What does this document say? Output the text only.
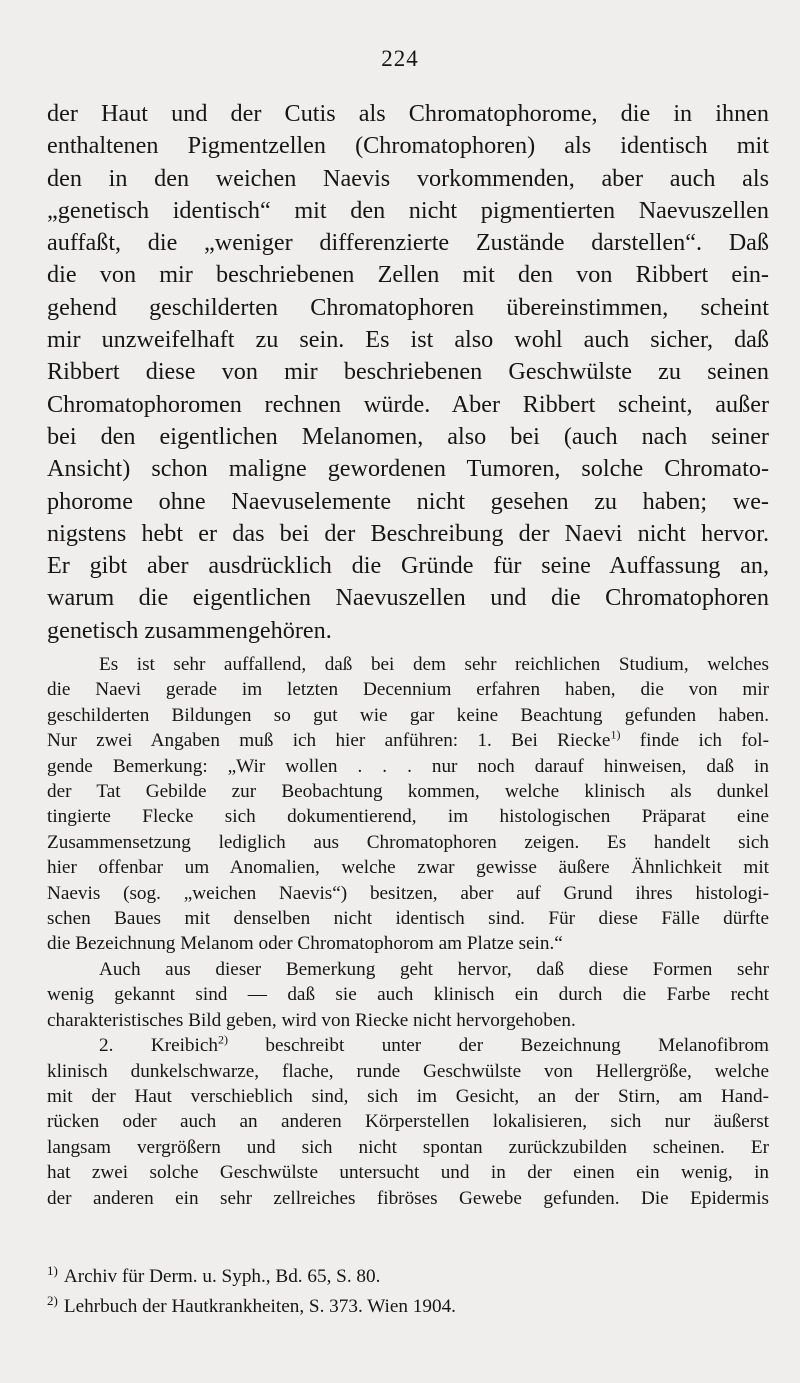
224
der Haut und der Cutis als Chromatophorome, die in ihnen
enthaltenen Pigmentzellen (Chromatophoren) als identisch mit
den in den weichen Naevis vorkommenden, aber auch als
„genetisch identisch“ mit den nicht pigmentierten Naevuszellen
auffaßt, die „weniger differenzierte Zustände darstellen“. Daß
die von mir beschriebenen Zellen mit den von Ribbert ein-
gehend geschilderten Chromatophoren übereinstimmen, scheint
mir unzweifelhaft zu sein. Es ist also wohl auch sicher, daß
Ribbert diese von mir beschriebenen Geschwülste zu seinen
Chromatophoromen rechnen würde. Aber Ribbert scheint, außer
bei den eigentlichen Melanomen, also bei (auch nach seiner
Ansicht) schon maligne gewordenen Tumoren, solche Chromato-
phorome ohne Naevuselemente nicht gesehen zu haben; we-
nigstens hebt er das bei der Beschreibung der Naevi nicht hervor.
Er gibt aber ausdrücklich die Gründe für seine Auffassung an,
warum die eigentlichen Naevuszellen und die Chromatophoren
genetisch zusammengehören.

Es ist sehr auffallend, daß bei dem sehr reichlichen Studium, welches
die Naevi gerade im letzten Decennium erfahren haben, die von mir
geschilderten Bildungen so gut wie gar keine Beachtung gefunden haben.
Nur zwei Angaben muß ich hier anführen: 1. Bei Riecke$^{1)}$ finde ich fol-
gende Bemerkung: „Wir wollen . . . nur noch darauf hinweisen, daß in
der Tat Gebilde zur Beobachtung kommen, welche klinisch als dunkel
tingierte Flecke sich dokumentierend, im histologischen Präparat eine
Zusammensetzung lediglich aus Chromatophoren zeigen. Es handelt sich
hier offenbar um Anomalien, welche zwar gewisse äußere Ähnlichkeit mit
Naevis (sog. „weichen Naevis“) besitzen, aber auf Grund ihres histologi-
schen Baues mit denselben nicht identisch sind. Für diese Fälle dürfte
die Bezeichnung Melanom oder Chromatophorom am Platze sein.“

Auch aus dieser Bemerkung geht hervor, daß diese Formen sehr
wenig gekannt sind — daß sie auch klinisch ein durch die Farbe recht
charakteristisches Bild geben, wird von Riecke nicht hervorgehoben.

2. Kreibich$^{2)}$ beschreibt unter der Bezeichnung Melanofibrom
klinisch dunkelschwarze, flache, runde Geschwülste von Hellergröße, welche
mit der Haut verschieblich sind, sich im Gesicht, an der Stirn, am Hand-
rücken oder auch an anderen Körperstellen lokalisieren, sich nur äußerst
langsam vergrößern und sich nicht spontan zurückzubilden scheinen. Er
hat zwei solche Geschwülste untersucht und in der einen ein wenig, in
der anderen ein sehr zellreiches fibröses Gewebe gefunden. Die Epidermis

$^{1)}$ Archiv für Derm. u. Syph., Bd. 65, S. 80.
$^{2)}$ Lehrbuch der Hautkrankheiten, S. 373. Wien 1904.
